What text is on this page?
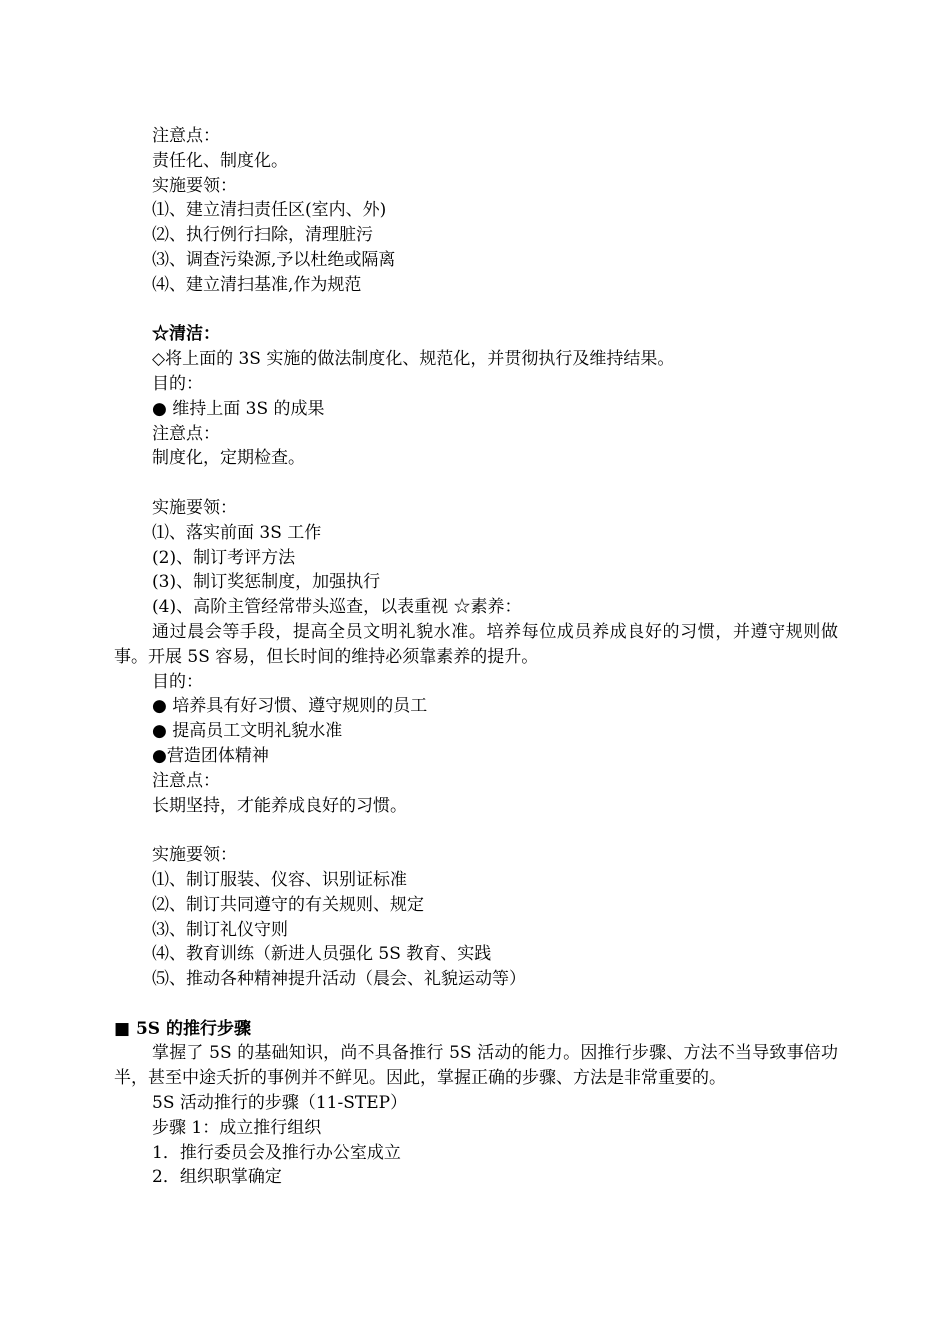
注意点：
责任化、制度化。
实施要领：
⑴、建立清扫责任区(室内、外)
⑵、执行例行扫除，清理脏污
⑶、调查污染源,予以杜绝或隔离
⑷、建立清扫基准,作为规范
☆清洁：
◇将上面的 3S 实施的做法制度化、规范化，并贯彻执行及维持结果。
目的：
● 维持上面 3S 的成果
注意点：
制度化，定期检查。
实施要领：
⑴、落实前面 3S 工作
(2)、制订考评方法
(3)、制订奖惩制度，加强执行
(4)、高阶主管经常带头巡查，以表重视 ☆素养：
通过晨会等手段，提高全员文明礼貌水准。培养每位成员养成良好的习惯，并遵守规则做事。开展 5S 容易，但长时间的维持必须靠素养的提升。
目的：
● 培养具有好习惯、遵守规则的员工
● 提高员工文明礼貌水准
●营造团体精神
注意点：
长期坚持，才能养成良好的习惯。
实施要领：
⑴、制订服装、仪容、识别证标准
⑵、制订共同遵守的有关规则、规定
⑶、制订礼仪守则
⑷、教育训练（新进人员强化 5S 教育、实践
⑸、推动各种精神提升活动（晨会、礼貌运动等）
■ 5S 的推行步骤
掌握了 5S 的基础知识，尚不具备推行 5S 活动的能力。因推行步骤、方法不当导致事倍功半，甚至中途夭折的事例并不鲜见。因此，掌握正确的步骤、方法是非常重要的。
5S 活动推行的步骤（11-STEP）
步骤 1：成立推行组织
1．推行委员会及推行办公室成立
2．组织职掌确定
